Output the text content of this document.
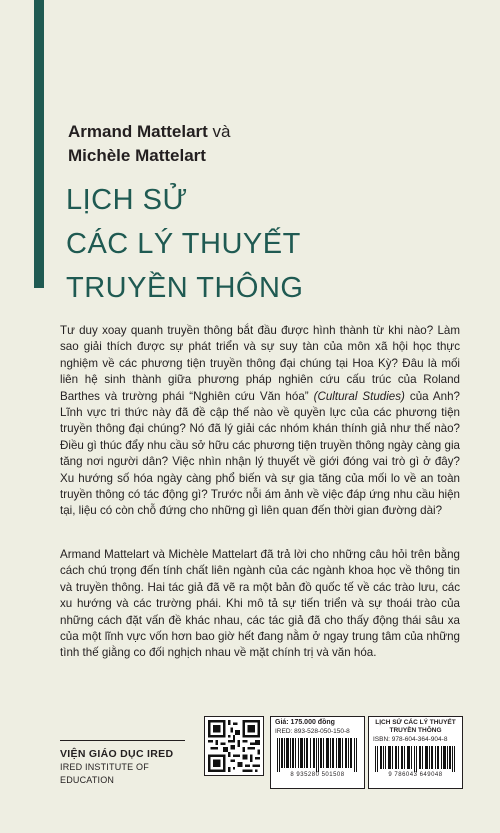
Armand Mattelart và
Michèle Mattelart
LỊCH SỬ
CÁC LÝ THUYẾT
TRUYỀN THÔNG
Tư duy xoay quanh truyền thông bắt đầu được hình thành từ khi nào? Làm sao giải thích được sự phát triển và sự suy tàn của môn xã hội học thực nghiệm về các phương tiện truyền thông đại chúng tại Hoa Kỳ? Đâu là mối liên hệ sinh thành giữa phương pháp nghiên cứu cấu trúc của Roland Barthes và trường phái “Nghiên cứu Văn hóa” (Cultural Studies) của Anh? Lĩnh vực tri thức này đã đề cập thế nào về quyền lực của các phương tiện truyền thông đại chúng? Nó đã lý giải các nhóm khán thính giả như thế nào? Điều gì thúc đẩy nhu cầu sở hữu các phương tiện truyền thông ngày càng gia tăng nơi người dân? Việc nhìn nhận lý thuyết về giới đóng vai trò gì ở đây? Xu hướng số hóa ngày càng phổ biến và sự gia tăng của mối lo về an toàn truyền thông có tác động gì? Trước nỗi ám ảnh về việc đáp ứng nhu cầu hiện tại, liệu có còn chỗ đứng cho những gì liên quan đến thời gian đường dài?
Armand Mattelart và Michèle Mattelart đã trả lời cho những câu hỏi trên bằng cách chú trọng đến tính chất liên ngành của các ngành khoa học về thông tin và truyền thông. Hai tác giả đã vẽ ra một bản đồ quốc tế về các trào lưu, các xu hướng và các trường phái. Khi mô tả sự tiến triển và sự thoái trào của những cách đặt vấn đề khác nhau, các tác giả đã cho thấy động thái sâu xa của một lĩnh vực vốn hơn bao giờ hết đang nằm ở ngay trung tâm của những tình thế giằng co đối nghịch nhau về mặt chính trị và văn hóa.
VIỆN GIÁO DỤC IRED
IRED INSTITUTE OF EDUCATION
Giá: 175.000 đồng
IRED: 893-528-050-150-8
8 935280 501508
LỊCH SỬ CÁC LÝ THUYẾT
TRUYỀN THÔNG
ISBN: 978-604-364-904-8
9 786043 649048
